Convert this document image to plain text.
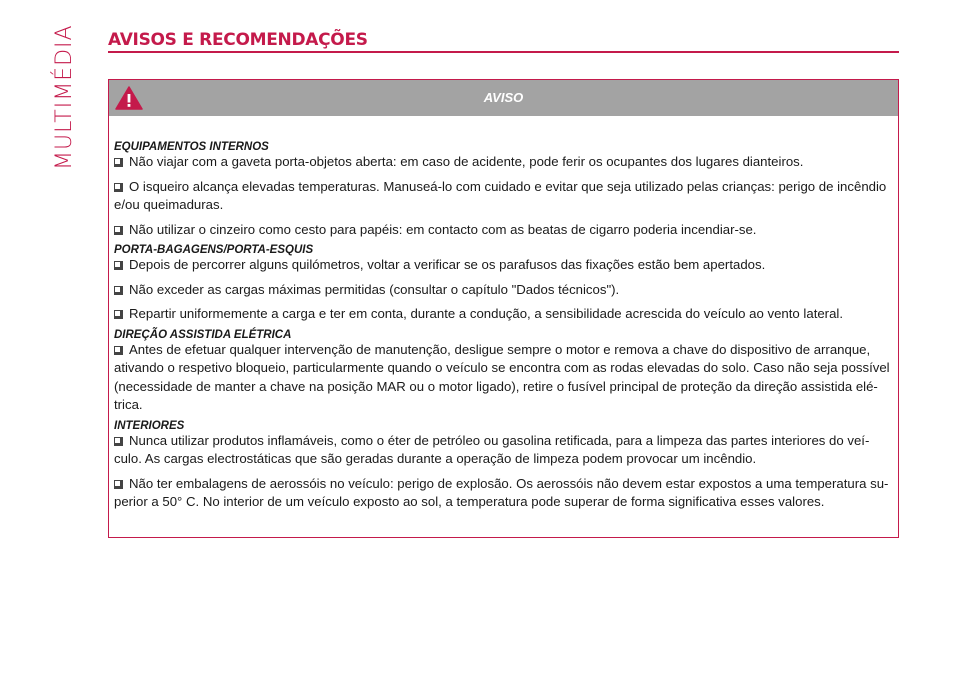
MULTIMÉDIA AVISOS E RECOMENDAÇÕES
AVISO
EQUIPAMENTOS INTERNOS
Não viajar com a gaveta porta-objetos aberta: em caso de acidente, pode ferir os ocupantes dos lugares dianteiros.
O isqueiro alcança elevadas temperaturas. Manuseá-lo com cuidado e evitar que seja utilizado pelas crianças: perigo de incêndio e/ou queimaduras.
Não utilizar o cinzeiro como cesto para papéis: em contacto com as beatas de cigarro poderia incendiar-se.
PORTA-BAGAGENS/PORTA-ESQUIS
Depois de percorrer alguns quilómetros, voltar a verificar se os parafusos das fixações estão bem apertados.
Não exceder as cargas máximas permitidas (consultar o capítulo "Dados técnicos").
Repartir uniformemente a carga e ter em conta, durante a condução, a sensibilidade acrescida do veículo ao vento lateral.
DIREÇÃO ASSISTIDA ELÉTRICA
Antes de efetuar qualquer intervenção de manutenção, desligue sempre o motor e remova a chave do dispositivo de arranque, ativando o respetivo bloqueio, particularmente quando o veículo se encontra com as rodas elevadas do solo. Caso não seja possível (necessidade de manter a chave na posição MAR ou o motor ligado), retire o fusível principal de proteção da direção assistida elé-trica.
INTERIORES
Nunca utilizar produtos inflamáveis, como o éter de petróleo ou gasolina retificada, para a limpeza das partes interiores do veí-culo. As cargas electrostáticas que são geradas durante a operação de limpeza podem provocar um incêndio.
Não ter embalagens de aerossóis no veículo: perigo de explosão. Os aerossóis não devem estar expostos a uma temperatura su-perior a 50° C. No interior de um veículo exposto ao sol, a temperatura pode superar de forma significativa esses valores.
